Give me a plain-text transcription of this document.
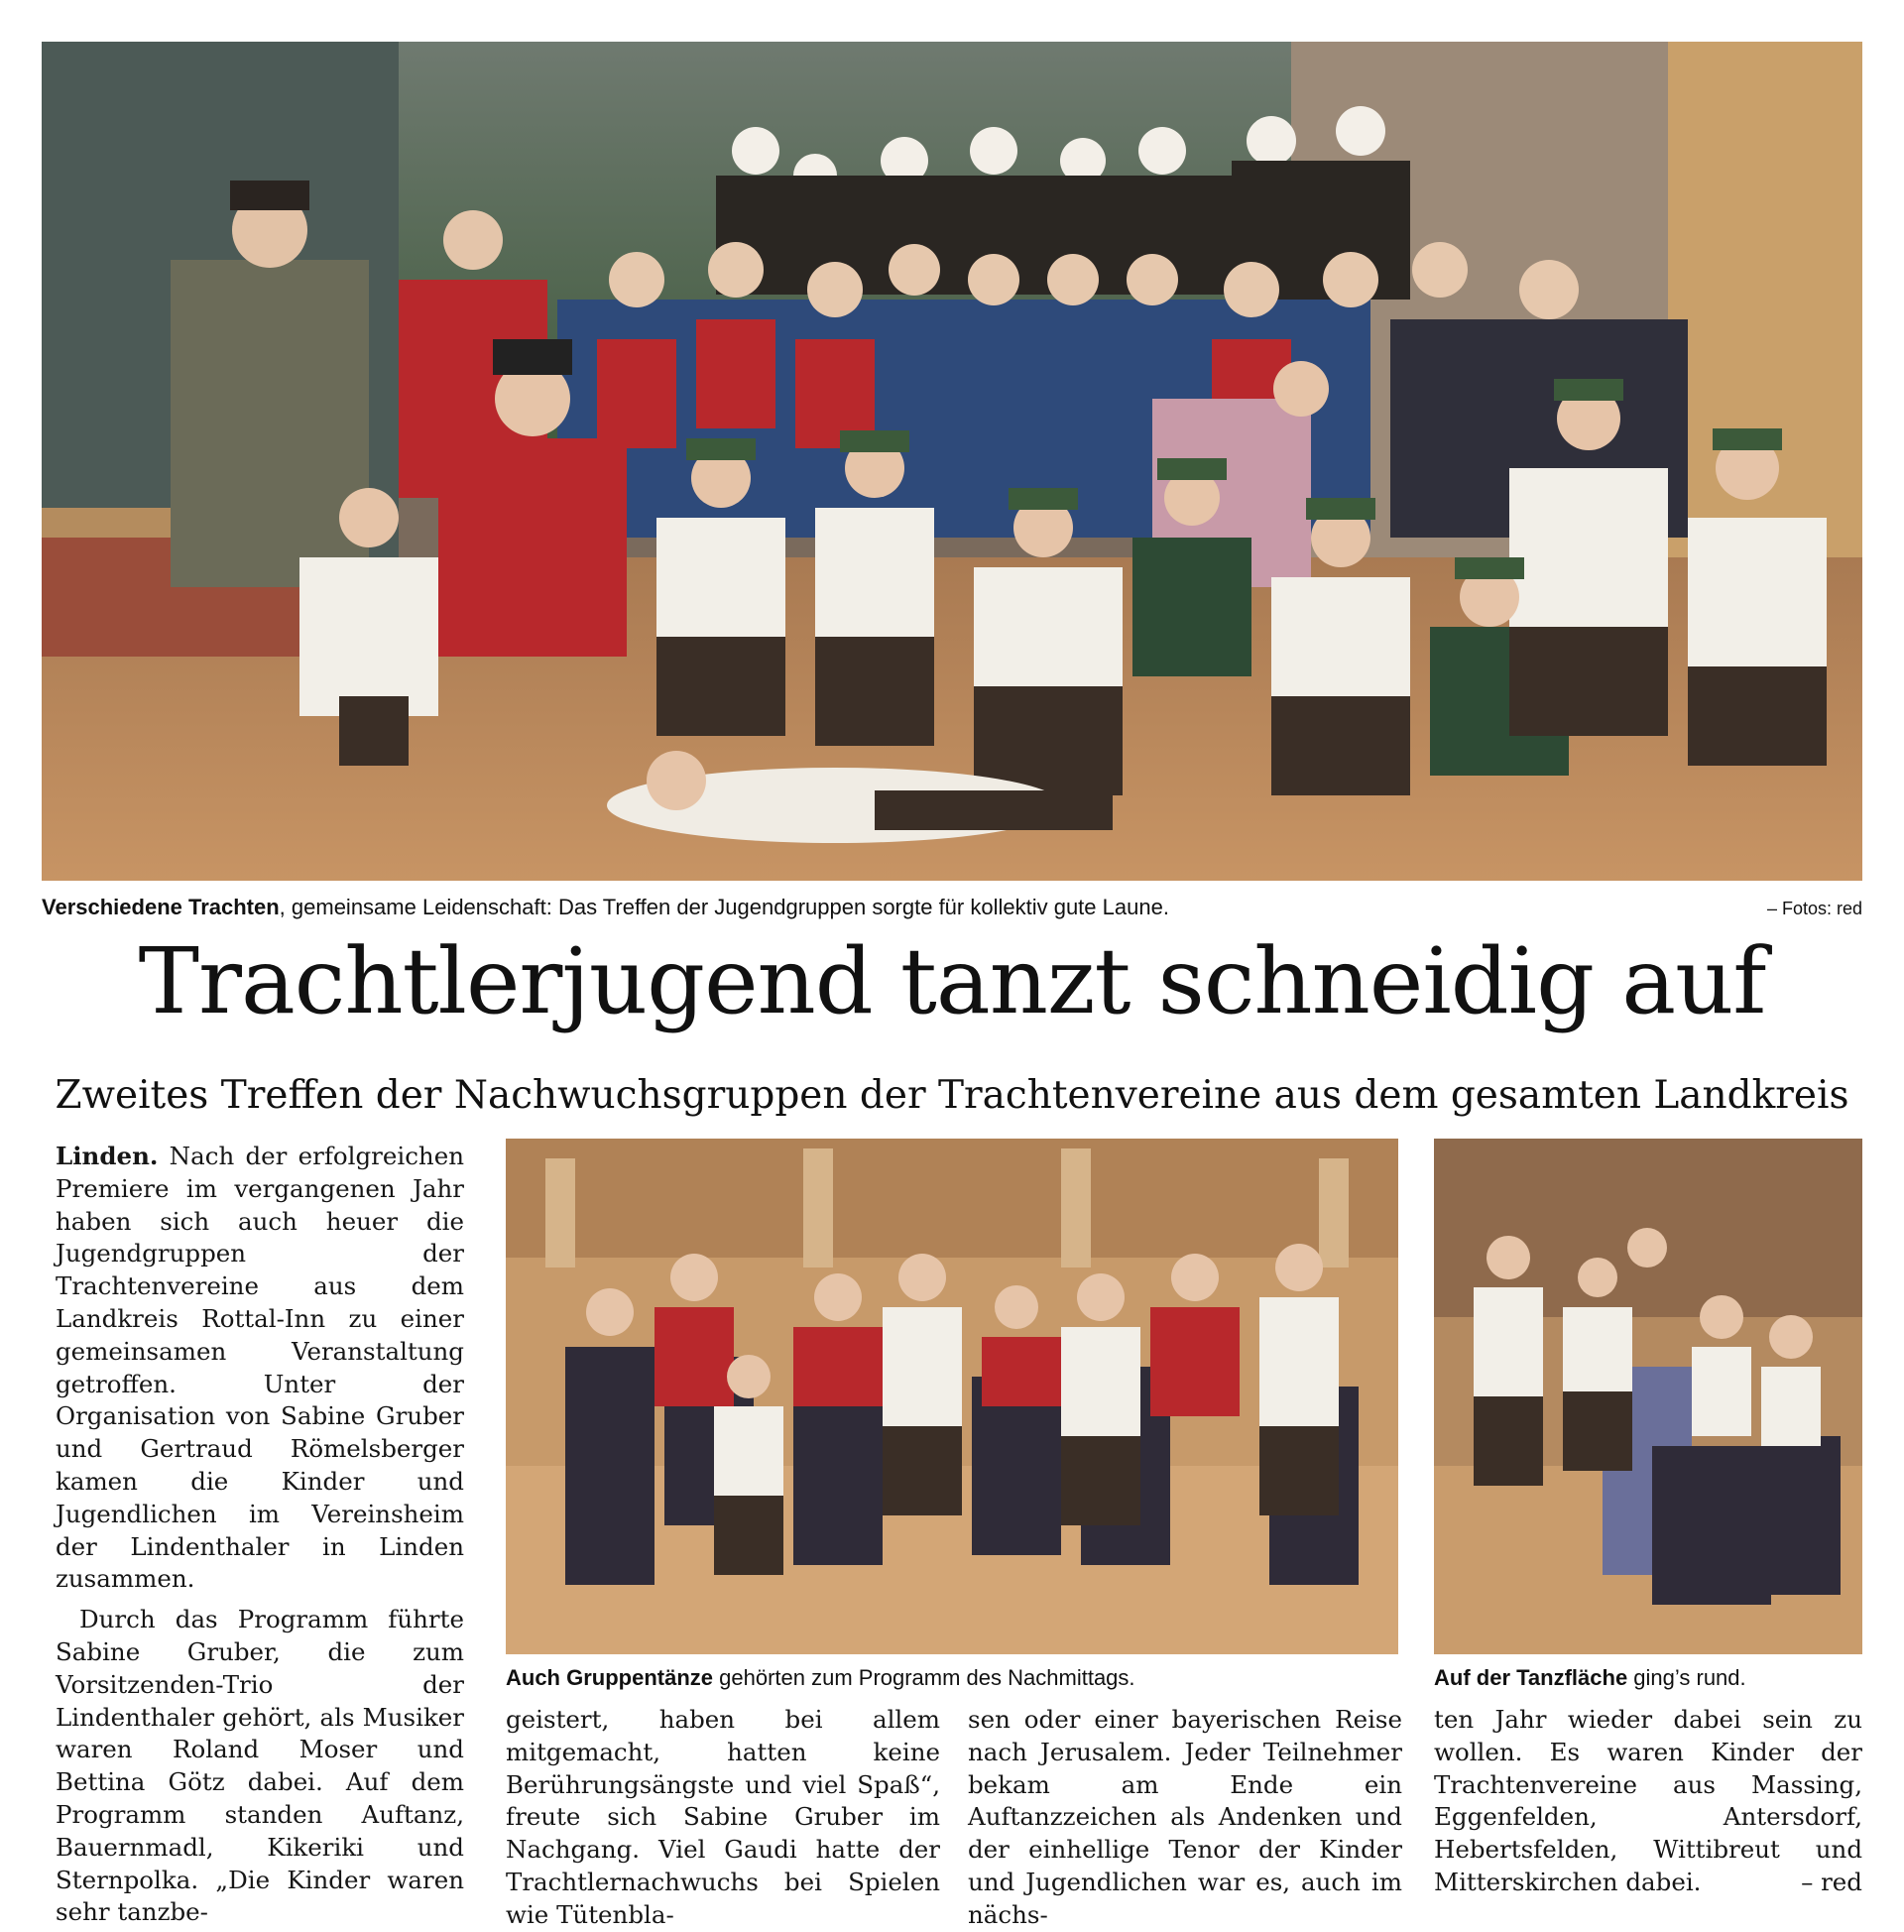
Verschiedene Trachten, gemeinsame Leidenschaft: Das Treffen der Jugendgruppen sorgte für kollektiv gute Laune.	– Fotos: red
Trachtlerjugend tanzt schneidig auf
Zweites Treffen der Nachwuchsgruppen der Trachtenvereine aus dem gesamten Landkreis

Linden. Nach der erfolgreichen Premiere im vergangenen Jahr haben sich auch heuer die Jugendgruppen der Trachtenvereine aus dem Landkreis Rottal-Inn zu einer gemeinsamen Veranstaltung getroffen. Unter der Organisation von Sabine Gruber und Gertraud Römelsberger kamen die Kinder und Jugendlichen im Vereinsheim der Lindenthaler in Linden zusammen.

Durch das Programm führte Sabine Gruber, die zum Vorsitzenden-Trio der Lindenthaler gehört, als Musiker waren Roland Moser und Bettina Götz dabei. Auf dem Programm standen Auftanz, Bauernmadl, Kikeriki und Sternpolka. „Die Kinder waren sehr tanzbe-

Auch Gruppentänze gehörten zum Programm des Nachmittags.	Auf der Tanzfläche ging’s rund.

geistert, haben bei allem mitgemacht, hatten keine Berührungsängste und viel Spaß“, freute sich Sabine Gruber im Nachgang. Viel Gaudi hatte der Trachtlernachwuchs bei Spielen wie Tütenbla-

sen oder einer bayerischen Reise nach Jerusalem. Jeder Teilnehmer bekam am Ende ein Auftanzzeichen als Andenken und der einhellige Tenor der Kinder und Jugendlichen war es, auch im nächs-

ten Jahr wieder dabei sein zu wollen. Es waren Kinder der Trachtenvereine aus Massing, Eggenfelden, Antersdorf, Hebertsfelden, Wittibreut und Mitterskirchen dabei.	– red
